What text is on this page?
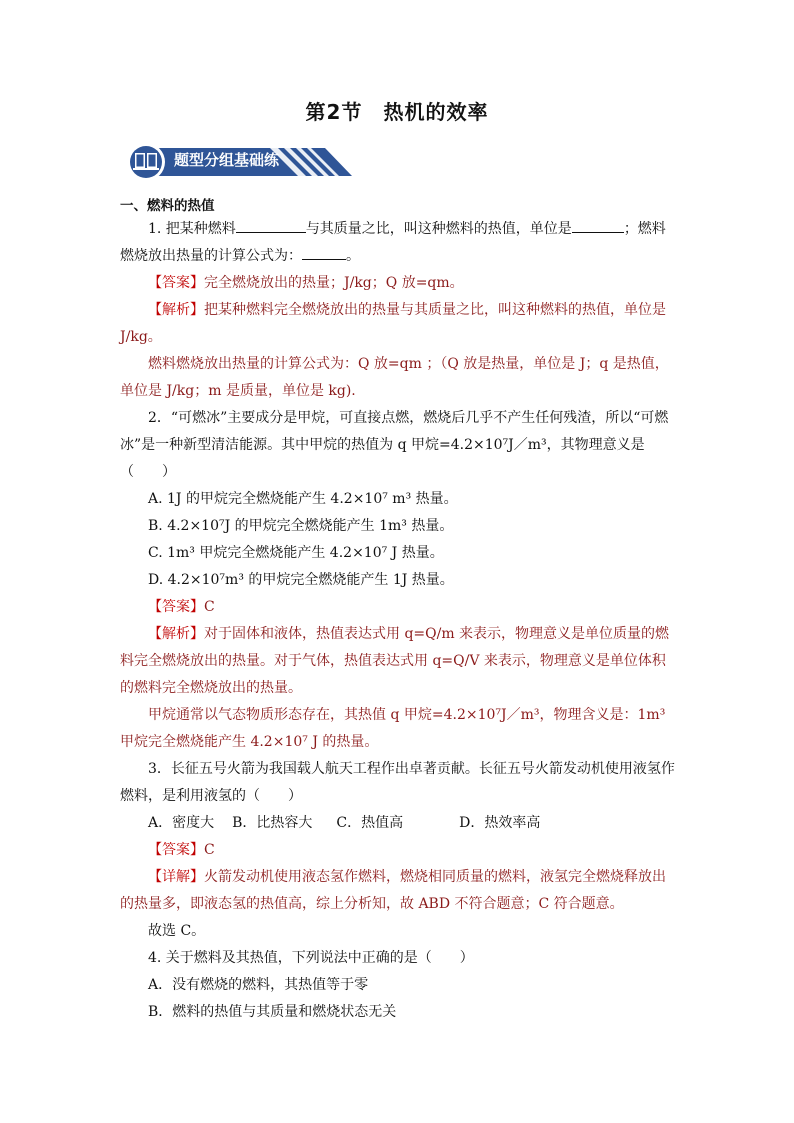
第2节　热机的效率
题型分组基础练
一、燃料的热值
1. 把某种燃料	与其质量之比，叫这种燃料的热值，单位是	；燃料燃烧放出热量的计算公式为：	。
【答案】完全燃烧放出的热量；J/kg；Q 放=qm。
【解析】把某种燃料完全燃烧放出的热量与其质量之比，叫这种燃料的热值，单位是J/kg。
燃料燃烧放出热量的计算公式为：Q 放=qm ；（Q 放是热量，单位是 J；q 是热值，单位是 J/kg；m 是质量，单位是 kg).
2．“可燃冰”主要成分是甲烷，可直接点燃，燃烧后几乎不产生任何残渣，所以“可燃冰”是一种新型清洁能源。其中甲烷的热值为 q 甲烷=4.2×10⁷J／m³，其物理意义是（　　）
A. 1J 的甲烷完全燃烧能产生 4.2×10⁷ m³ 热量。
B. 4.2×10⁷J 的甲烷完全燃烧能产生 1m³ 热量。
C. 1m³ 甲烷完全燃烧能产生 4.2×10⁷ J 热量。
D. 4.2×10⁷m³ 的甲烷完全燃烧能产生 1J 热量。
【答案】C
【解析】对于固体和液体，热值表达式用 q=Q/m 来表示，物理意义是单位质量的燃料完全燃烧放出的热量。对于气体，热值表达式用 q=Q/V 来表示，物理意义是单位体积的燃料完全燃烧放出的热量。
甲烷通常以气态物质形态存在，其热值 q 甲烷=4.2×10⁷J／m³，物理含义是：1m³ 甲烷完全燃烧能产生 4.2×10⁷ J 的热量。
3．长征五号火箭为我国载人航天工程作出卓著贡献。长征五号火箭发动机使用液氢作燃料，是利用液氢的（　　）
A．密度大 B．比热容大 C．热值高	D．热效率高
【答案】C
【详解】火箭发动机使用液态氢作燃料，燃烧相同质量的燃料，液氢完全燃烧释放出的热量多，即液态氢的热值高，综上分析知，故 ABD 不符合题意；C 符合题意。
故选 C。
4. 关于燃料及其热值，下列说法中正确的是（　　）
A．没有燃烧的燃料，其热值等于零
B．燃料的热值与其质量和燃烧状态无关
